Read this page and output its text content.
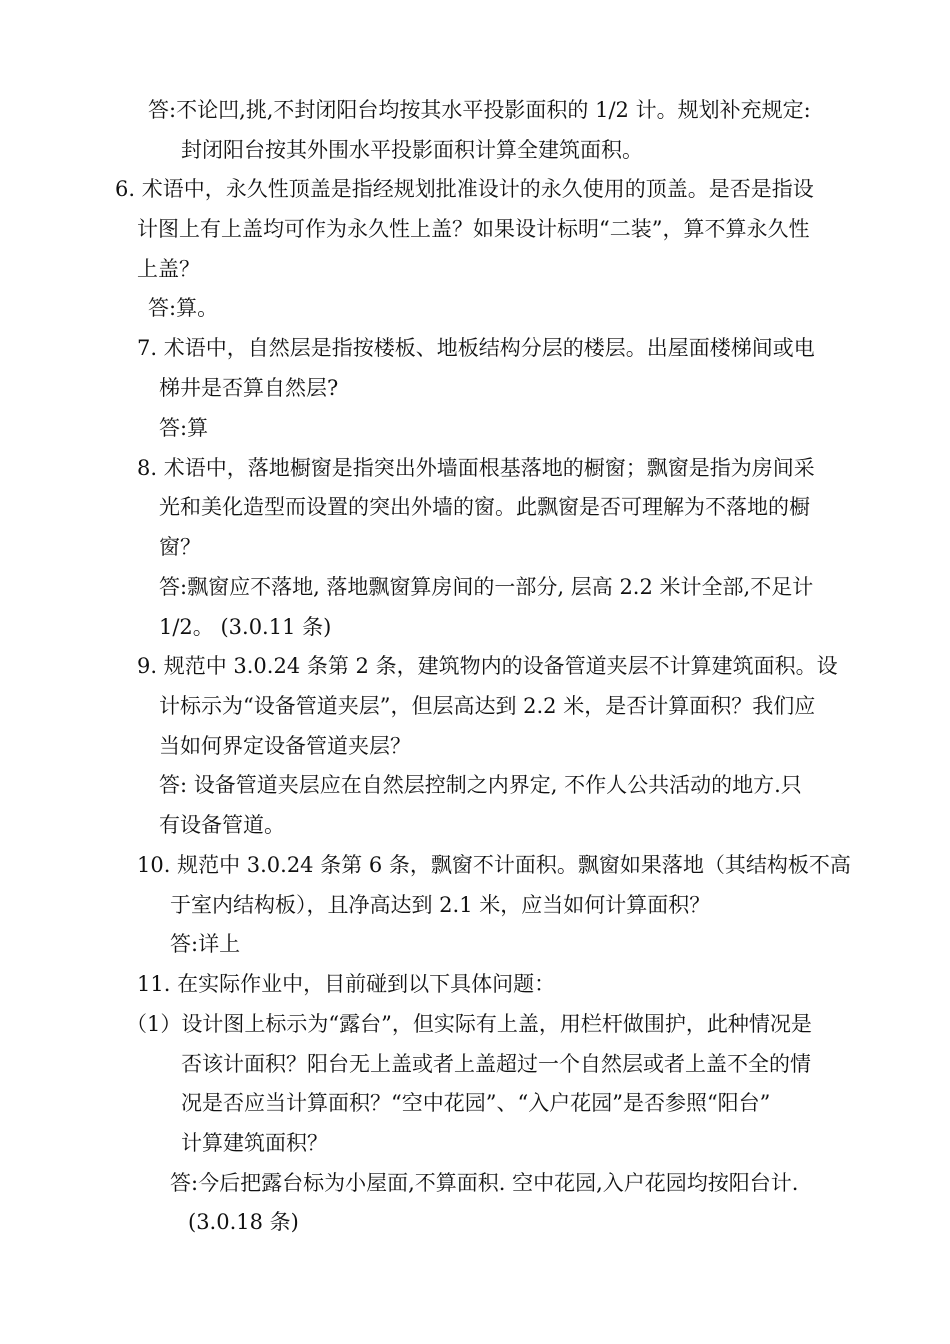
答:不论凹,挑,不封闭阳台均按其水平投影面积的 1/2 计。规划补充规定:
封闭阳台按其外围水平投影面积计算全建筑面积。
6. 术语中，永久性顶盖是指经规划批准设计的永久使用的顶盖。是否是指设
计图上有上盖均可作为永久性上盖？如果设计标明“二装”，算不算永久性
上盖？
答:算。
7. 术语中，自然层是指按楼板、地板结构分层的楼层。出屋面楼梯间或电
梯井是否算自然层?
答:算
8. 术语中，落地橱窗是指突出外墙面根基落地的橱窗；飘窗是指为房间采
光和美化造型而设置的突出外墙的窗。此飘窗是否可理解为不落地的橱
窗？
答:飘窗应不落地, 落地飘窗算房间的一部分, 层高 2.2 米计全部,不足计
1/2。 (3.0.11 条)
9. 规范中 3.0.24 条第 2 条，建筑物内的设备管道夹层不计算建筑面积。设
计标示为“设备管道夹层”，但层高达到 2.2 米，是否计算面积？我们应
当如何界定设备管道夹层？
答: 设备管道夹层应在自然层控制之内界定, 不作人公共活动的地方.只
有设备管道。
10. 规范中 3.0.24 条第 6 条，飘窗不计面积。飘窗如果落地（其结构板不高
于室内结构板），且净高达到 2.1 米，应当如何计算面积？
答:详上
11. 在实际作业中，目前碰到以下具体问题：
（1）设计图上标示为“露台”，但实际有上盖，用栏杆做围护，此种情况是
否该计面积？阳台无上盖或者上盖超过一个自然层或者上盖不全的情
况是否应当计算面积？“空中花园”、“入户花园”是否参照“阳台”
计算建筑面积？
答:今后把露台标为小屋面,不算面积. 空中花园,入户花园均按阳台计.
(3.0.18 条)
